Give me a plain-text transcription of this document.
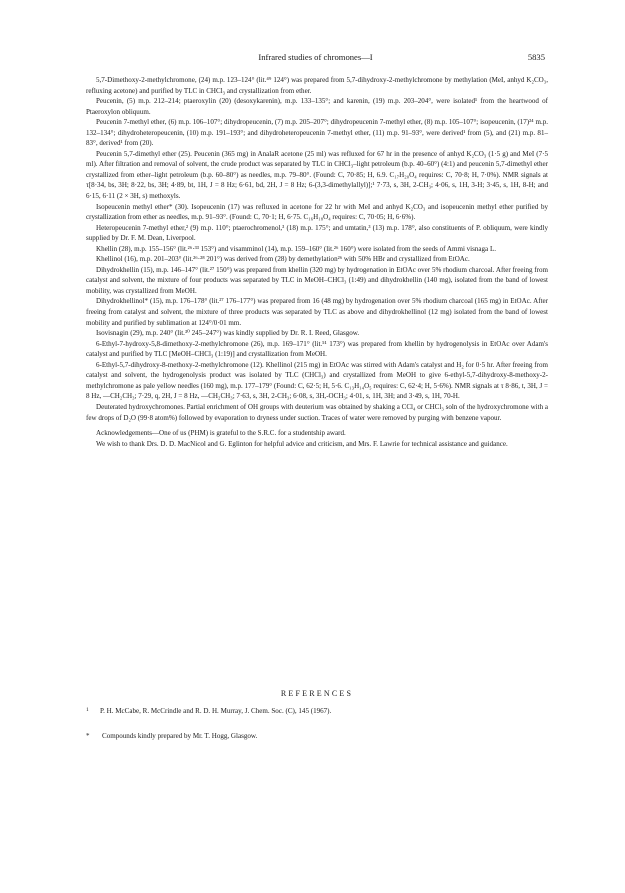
Infrared studies of chromones—I	5835

5,7-Dimethoxy-2-methylchromone, (24) m.p. 123–124° (lit.⁴⁹ 124°) was prepared from 5,7-dihydroxy-2-methylchromone by methylation (MeI, anhyd K₂CO₃, refluxing acetone) and purified by TLC in CHCl₃ and crystallization from ether.

Peucenin, (5) m.p. 212–214; ptaeroxylin (20) (desoxykarenin), m.p. 133–135°; and karenin, (19) m.p. 203–204°, were isolated¹ from the heartwood of Ptaeroxylon obliquum.

Peucenin 7-methyl ether, (6) m.p. 106–107°; dihydropeucenin, (7) m.p. 205–207°; dihydropeucenin 7-methyl ether, (8) m.p. 105–107°; isopeucenin, (17)²⁴ m.p. 132–134°; dihydroheteropeucenin, (10) m.p. 191–193°; and dihydroheteropeucenin 7-methyl ether, (11) m.p. 91–93°, were derived¹ from (5), and (21) m.p. 81–83°, derived¹ from (20).

Peucenin 5,7-dimethyl ether (25). Peucenin (365 mg) in AnalaR acetone (25 ml) was refluxed for 67 hr in the presence of anhyd K₂CO₃ (1·5 g) and MeI (7·5 ml). After filtration and removal of solvent, the crude product was separated by TLC in CHCl₃–light petroleum (b.p. 40–60°) (4:1) and peucenin 5,7-dimethyl ether crystallized from ether–light petroleum (b.p. 60–80°) as needles, m.p. 79–80°. (Found: C, 70·85; H, 6.9. C₁₇H₂₀O₄ requires: C, 70·8; H, 7·0%). NMR signals at τ[8·34, bs, 3H; 8·22, bs, 3H; 4·89, bt, 1H, J = 8 Hz; 6·61, bd, 2H, J = 8 Hz; 6-(3,3-dimethylallyl)];¹ 7·73, s, 3H, 2-CH₃; 4·06, s, 1H, 3-H; 3·45, s, 1H, 8-H; and 6·15, 6·11 (2 × 3H, s) methoxyls.

Isopeucenin methyl ether* (30). Isopeucenin (17) was refluxed in acetone for 22 hr with MeI and anhyd K₂CO₃ and isopeucenin methyl ether purified by crystallization from ether as needles, m.p. 91–93°. (Found: C, 70·1; H, 6·75. C₁₆H₁₈O₄ requires: C, 70·05; H, 6·6%).

Heteropeucenin 7-methyl ether,² (9) m.p. 110°; ptaerochromenol,³ (18) m.p. 175°; and umtatin,³ (13) m.p. 178°, also constituents of P. obliquum, were kindly supplied by Dr. F. M. Dean, Liverpool.

Khellin (28), m.p. 155–156° (lit.²⁶·³³ 153°) and visamminol (14), m.p. 159–160° (lit.²⁶ 160°) were isolated from the seeds of Ammi visnaga L.

Khellinol (16), m.p. 201–203° (lit.²⁶·²⁸ 201°) was derived from (28) by demethylation²⁶ with 50% HBr and crystallized from EtOAc.

Dihydrokhellin (15), m.p. 146–147° (lit.²⁷ 150°) was prepared from khellin (320 mg) by hydrogenation in EtOAc over 5% rhodium charcoal. After freeing from catalyst and solvent, the mixture of four products was separated by TLC in MeOH–CHCl₃ (1:49) and dihydrokhellin (140 mg), isolated from the band of lowest mobility, was crystallized from MeOH.

Dihydrokhellinol* (15), m.p. 176–178° (lit.²⁷ 176–177°) was prepared from 16 (48 mg) by hydrogenation over 5% rhodium charcoal (165 mg) in EtOAc. After freeing from catalyst and solvent, the mixture of three products was separated by TLC as above and dihydrokhellinol (12 mg) isolated from the band of lowest mobility and purified by sublimation at 124°/0·01 mm.

Isovisnagin (29), m.p. 240° (lit.³⁰ 245–247°) was kindly supplied by Dr. R. I. Reed, Glasgow.

6-Ethyl-7-hydroxy-5,8-dimethoxy-2-methylchromone (26), m.p. 169–171° (lit.⁵¹ 173°) was prepared from khellin by hydrogenolysis in EtOAc over Adam's catalyst and purified by TLC [MeOH–CHCl₃ (1:19)] and crystallization from MeOH.

6-Ethyl-5,7-dihydroxy-8-methoxy-2-methylchromone (12). Khellinol (215 mg) in EtOAc was stirred with Adam's catalyst and H₂ for 0·5 hr. After freeing from catalyst and solvent, the hydrogenolysis product was isolated by TLC (CHCl₃) and crystallized from MeOH to give 6-ethyl-5,7-dihydroxy-8-methoxy-2-methylchromone as pale yellow needles (160 mg), m.p. 177–179° (Found: C, 62·5; H, 5·6. C₁₃H₁₄O₅ requires: C, 62·4; H, 5·6%). NMR signals at τ 8·86, t, 3H, J = 8 Hz, —CH₂CH₃; 7·29, q, 2H, J = 8 Hz, —CH₂CH₃; 7·63, s, 3H, 2-CH₃; 6·08, s, 3H,-OCH₃; 4·01, s, 1H, 3H; and 3·49, s, 1H, 70-H.

Deuterated hydroxychromones. Partial enrichment of OH groups with deuterium was obtained by shaking a CCl₄ or CHCl₃ soln of the hydroxychromone with a few drops of D₂O (99·8 atom%) followed by evaporation to dryness under suction. Traces of water were removed by purging with benzene vapour.

Acknowledgements—One of us (PHM) is grateful to the S.R.C. for a studentship award.

We wish to thank Drs. D. D. MacNicol and G. Eglinton for helpful advice and criticism, and Mrs. F. Lawrie for technical assistance and guidance.

REFERENCES
1 P. H. McCabe, R. McCrindle and R. D. H. Murray, J. Chem. Soc. (C), 145 (1967).
* Compounds kindly prepared by Mr. T. Hogg, Glasgow.
